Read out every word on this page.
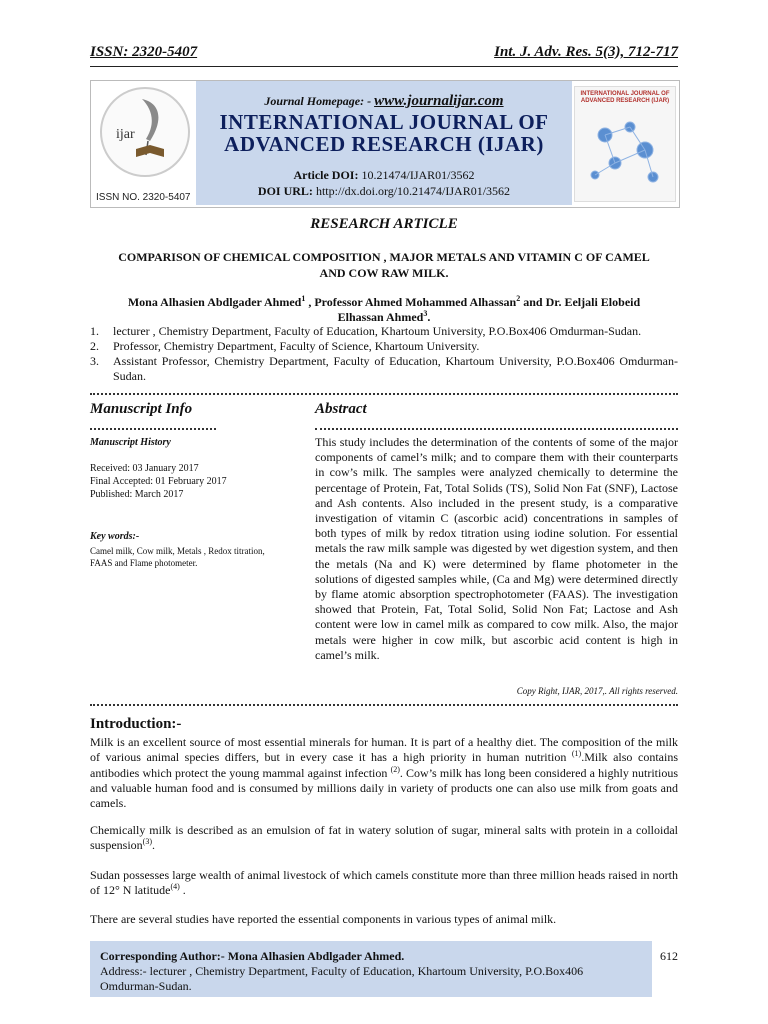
ISSN: 2320-5407	Int. J. Adv. Res. 5(3), 712-717
ijar
ISSN NO. 2320-5407
Journal Homepage: - www.journalijar.com
INTERNATIONAL JOURNAL OF
ADVANCED RESEARCH (IJAR)
Article DOI: 10.21474/IJAR01/3562
DOI URL: http://dx.doi.org/10.21474/IJAR01/3562
INTERNATIONAL JOURNAL OF ADVANCED RESEARCH (IJAR)
RESEARCH ARTICLE
COMPARISON OF CHEMICAL COMPOSITION , MAJOR METALS AND VITAMIN C OF CAMEL
AND COW RAW MILK.
Mona Alhasien Abdlgader Ahmed$^1$ , Professor Ahmed Mohammed Alhassan$^2$ and Dr. Eeljali Elobeid
Elhassan Ahmed$^3$.
1.	lecturer , Chemistry Department, Faculty of Education, Khartoum University, P.O.Box406 Omdurman-Sudan.
2.	Professor, Chemistry Department, Faculty of Science, Khartoum University.
3.	Assistant Professor, Chemistry Department, Faculty of Education, Khartoum University, P.O.Box406 Omdurman-Sudan.
Manuscript Info
Manuscript History
Received: 03 January 2017
Final Accepted: 01 February 2017
Published: March 2017
Key words:-
Camel milk, Cow milk, Metals , Redox titration, FAAS and Flame photometer.
Abstract
This study includes the determination of the contents of some of the major components of camel’s milk; and to compare them with their counterparts in cow’s milk. The samples were analyzed chemically to determine the percentage of Protein, Fat, Total Solids (TS), Solid Non Fat (SNF), Lactose and Ash contents. Also included in the present study, is a comparative investigation of vitamin C (ascorbic acid) concentrations in samples of both types of milk by redox titration using iodine solution. For essential metals the raw milk sample was digested by wet digestion system, and then the metals (Na and K) were determined by flame photometer in the solutions of digested samples while, (Ca and Mg) were determined directly by flame atomic absorption spectrophotometer (FAAS). The investigation showed that Protein, Fat, Total Solid, Solid Non Fat; Lactose and Ash content were low in camel milk as compared to cow milk. Also, the major metals were higher in cow milk, but ascorbic acid content is high in camel’s milk.
Copy Right, IJAR, 2017,. All rights reserved.
Introduction:-
Milk is an excellent source of most essential minerals for human. It is part of a healthy diet. The composition of the milk of various animal species differs, but in every case it has a high priority in human nutrition $^{(1)}$.Milk also contains antibodies which protect the young mammal against infection $^{(2)}$. Cow’s milk has long been considered a highly nutritious and valuable human food and is consumed by millions daily in variety of products one can also use milk from goats and camels.
Chemically milk is described as an emulsion of fat in watery solution of sugar, mineral salts with protein in a colloidal suspension$^{(3)}$.
Sudan possesses large wealth of animal livestock of which camels constitute more than three million heads raised in north of 12° N latitude$^{(4)}$ .
There are several studies have reported the essential components in various types of animal milk.
Corresponding Author:- Mona Alhasien Abdlgader Ahmed.
Address:- lecturer , Chemistry Department, Faculty of Education, Khartoum University, P.O.Box406 Omdurman-Sudan.
612
